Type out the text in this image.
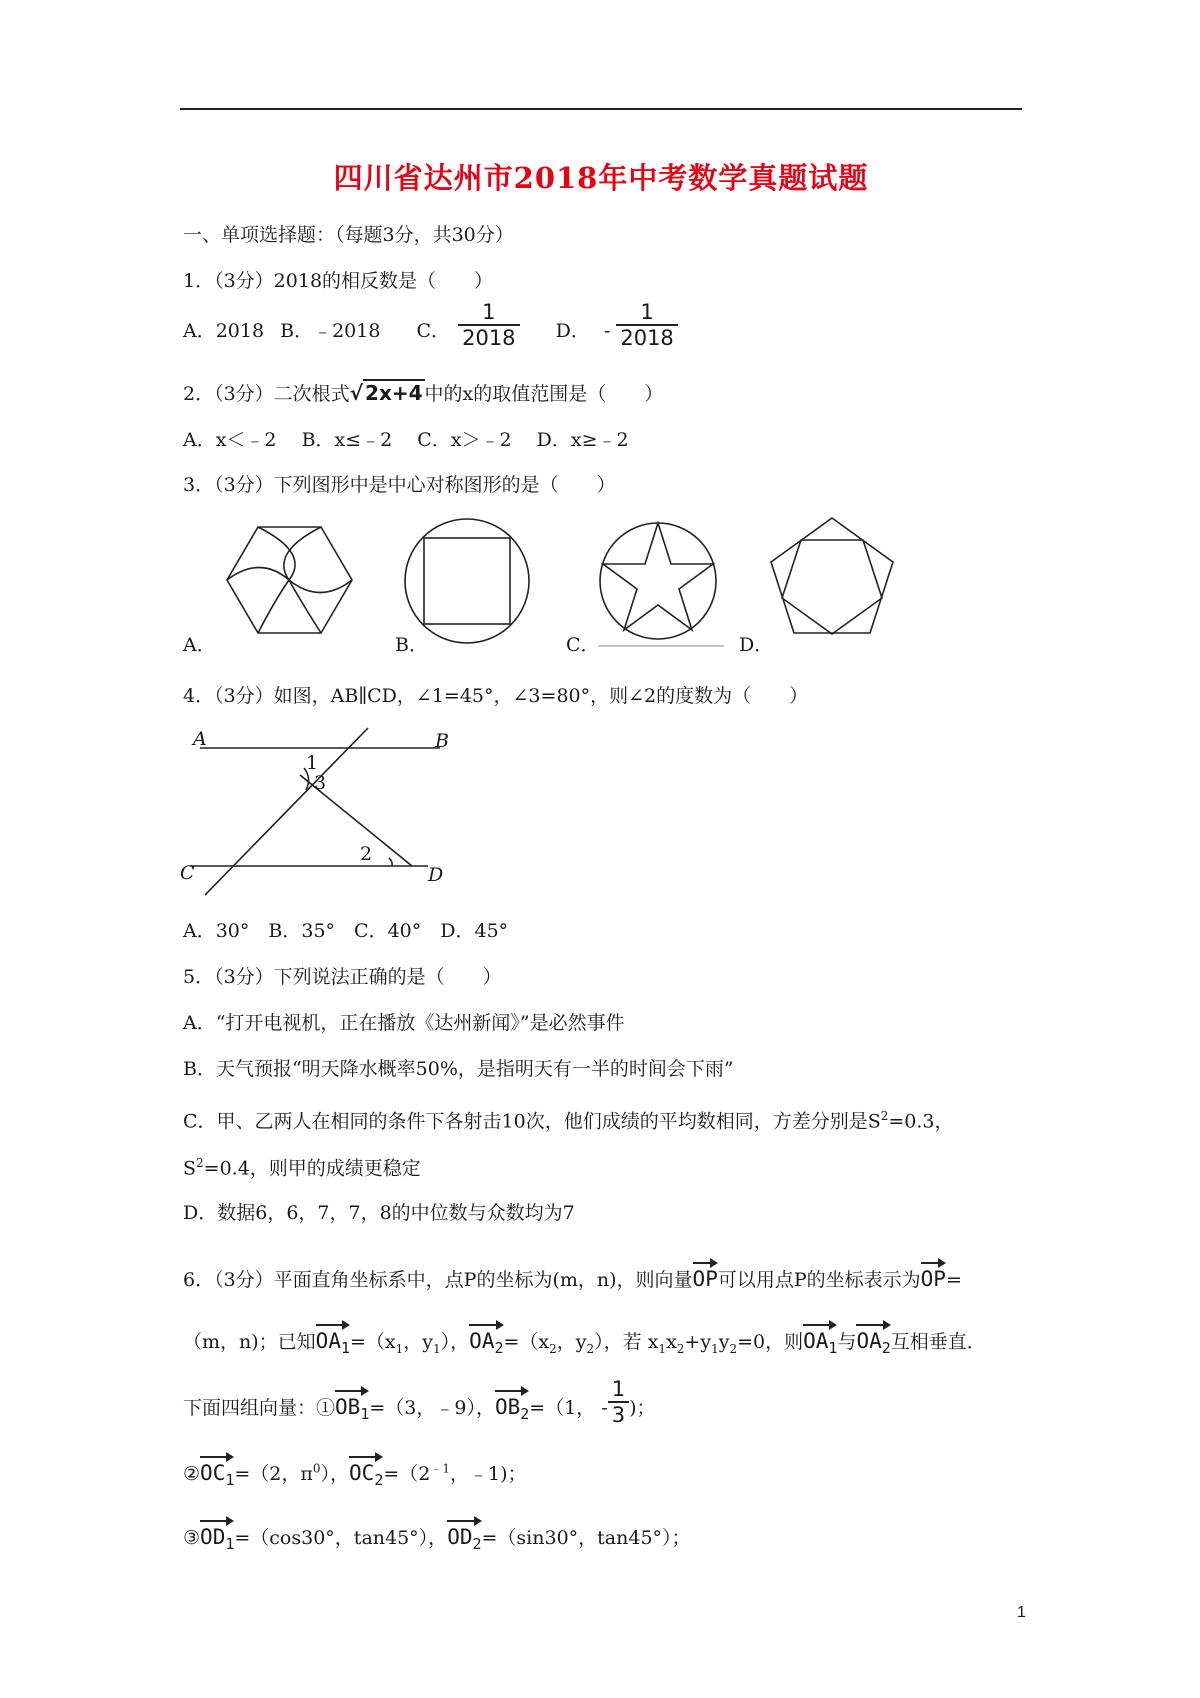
四川省达州市2018年中考数学真题试题
一、单项选择题：（每题3分，共30分）
1．（3分）2018的相反数是（　　）
A．2018 B．﹣2018 C． $\frac{1}{2018}$ D． - $\frac{1}{2018}$
2．（3分）二次根式√ 2x+4 中的x的取值范围是（　　）
A．x＜﹣2　 B．x≤﹣2　 C．x＞﹣2　 D．x≥﹣2
3．（3分）下列图形中是中心对称图形的是（　　）
A．	B．	C．	D．
4．（3分）如图，AB∥CD，∠1=45°，∠3=80°，则∠2的度数为（　　）
A	B
1
3
2
C	D
A．30°　B．35°　C．40°　D．45°
5．（3分）下列说法正确的是（　　）
A．“打开电视机，正在播放《达州新闻》”是必然事件
B．天气预报“明天降水概率50%，是指明天有一半的时间会下雨”
C．甲、乙两人在相同的条件下各射击10次，他们成绩的平均数相同，方差分别是$S^2=0.3$，
$S^2=0.4$，则甲的成绩更稳定
D．数据6，6，7，7，8的中位数与众数均为7
6．（3分）平面直角坐标系中，点P的坐标为(m，n)，则向量OP可以用点P的坐标表示为OP=
（m，n)；已知$OA_1=(x_1$，$y_1$），$OA_2=(x_2$，$y_2$），若 $x_1x_2+y_1y_2=0$，则$OA_1$与$OA_2$互相垂直．
下面四组向量：$①OB_1=(3$，﹣9），$OB_2=(1$， - $\frac{1}{3}$ )；
$②OC_1=(2$，$\pi^0$），$OC_2=(2^{﹣1}$，﹣1)；
$③OD_1=(\cos 30^\circ$，tan45°），$OD_2=(\sin 30^\circ$，tan45°）；
1
